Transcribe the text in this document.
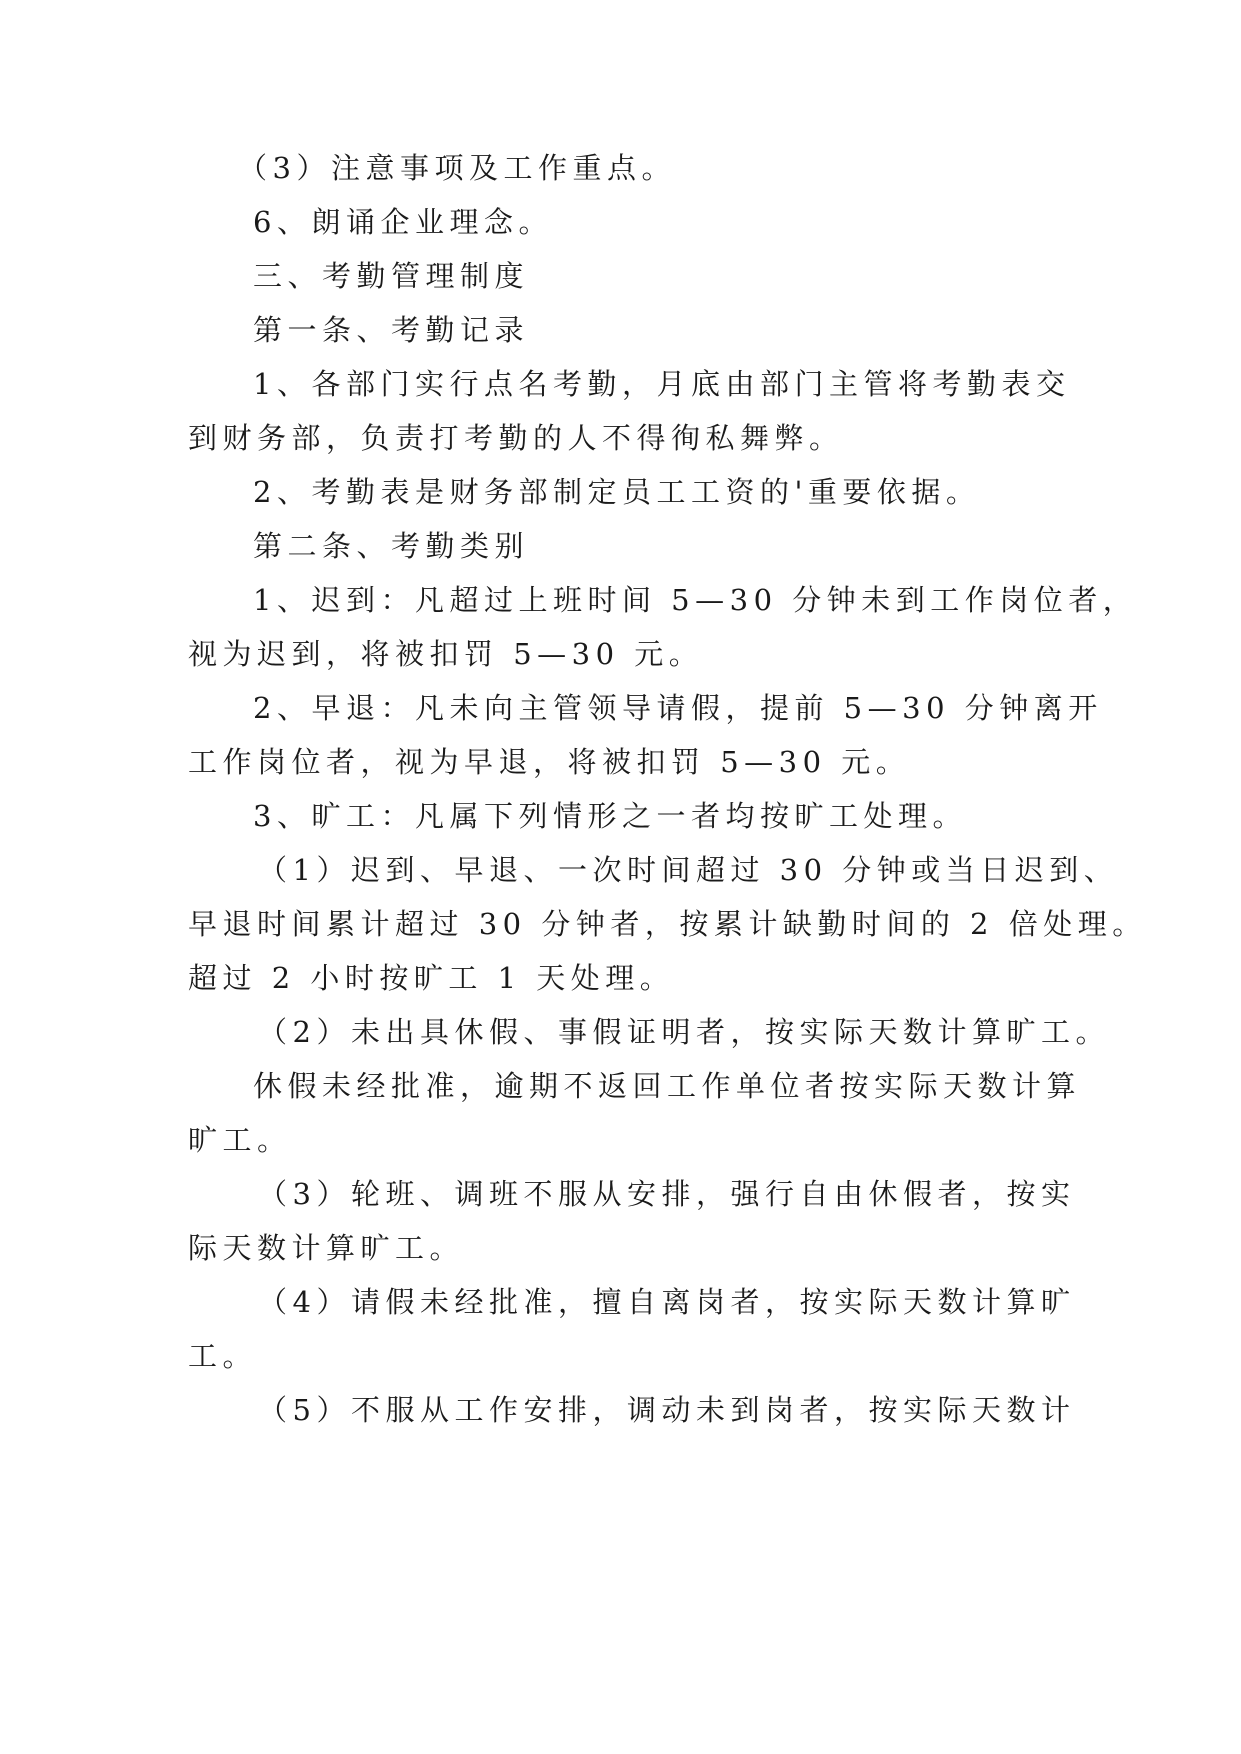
（3）注意事项及工作重点。
6、朗诵企业理念。
三、考勤管理制度
第一条、考勤记录
1、各部门实行点名考勤，月底由部门主管将考勤表交
到财务部，负责打考勤的人不得徇私舞弊。
2、考勤表是财务部制定员工工资的'重要依据。
第二条、考勤类别
1、迟到：凡超过上班时间 5—30 分钟未到工作岗位者，
视为迟到，将被扣罚 5—30 元。
2、早退：凡未向主管领导请假，提前 5—30 分钟离开
工作岗位者，视为早退，将被扣罚 5—30 元。
3、旷工：凡属下列情形之一者均按旷工处理。
（1）迟到、早退、一次时间超过 30 分钟或当日迟到、
早退时间累计超过 30 分钟者，按累计缺勤时间的 2 倍处理。
超过 2 小时按旷工 1 天处理。
（2）未出具休假、事假证明者，按实际天数计算旷工。
休假未经批准，逾期不返回工作单位者按实际天数计算
旷工。
（3）轮班、调班不服从安排，强行自由休假者，按实
际天数计算旷工。
（4）请假未经批准，擅自离岗者，按实际天数计算旷
工。
（5）不服从工作安排，调动未到岗者，按实际天数计
